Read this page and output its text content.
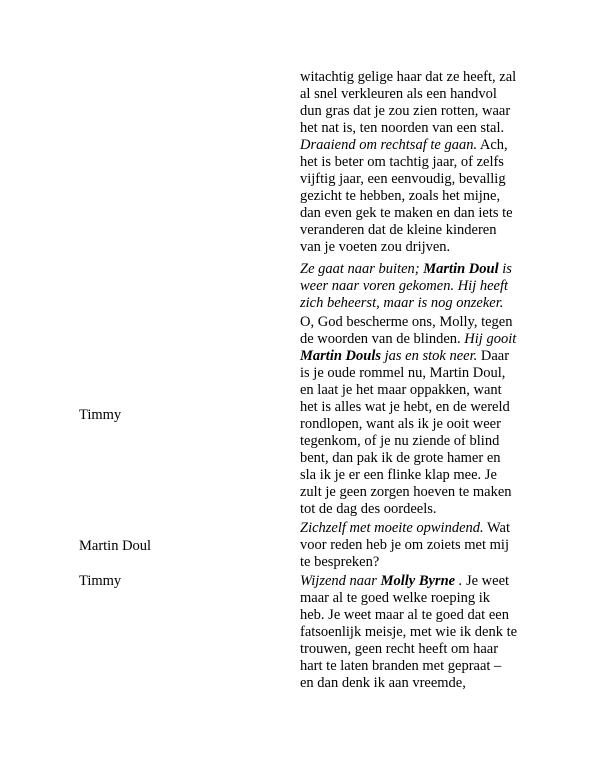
witachtig gelige haar dat ze heeft, zal
al snel verkleuren als een handvol
dun gras dat je zou zien rotten, waar
het nat is, ten noorden van een stal.
Draaiend om rechtsaf te gaan. Ach,
het is beter om tachtig jaar, of zelfs
vijftig jaar, een eenvoudig, bevallig
gezicht te hebben, zoals het mijne,
dan even gek te maken en dan iets te
veranderen dat de kleine kinderen
van je voeten zou drijven.
Ze gaat naar buiten; Martin Doul is
weer naar voren gekomen. Hij heeft
zich beheerst, maar is nog onzeker.
Timmy
O, God bescherme ons, Molly, tegen
de woorden van de blinden. Hij gooit
Martin Douls jas en stok neer. Daar
is je oude rommel nu, Martin Doul,
en laat je het maar oppakken, want
het is alles wat je hebt, en de wereld
rondlopen, want als ik je ooit weer
tegenkom, of je nu ziende of blind
bent, dan pak ik de grote hamer en
sla ik je er een flinke klap mee. Je
zult je geen zorgen hoeven te maken
tot de dag des oordeels.
Martin Doul
Zichzelf met moeite opwindend. Wat
voor reden heb je om zoiets met mij
te bespreken?
Timmy	Wijzend naar Molly Byrne . Je weet
maar al te goed welke roeping ik
heb. Je weet maar al te goed dat een
fatsoenlijk meisje, met wie ik denk te
trouwen, geen recht heeft om haar
hart te laten branden met gepraat –
en dan denk ik aan vreemde,
